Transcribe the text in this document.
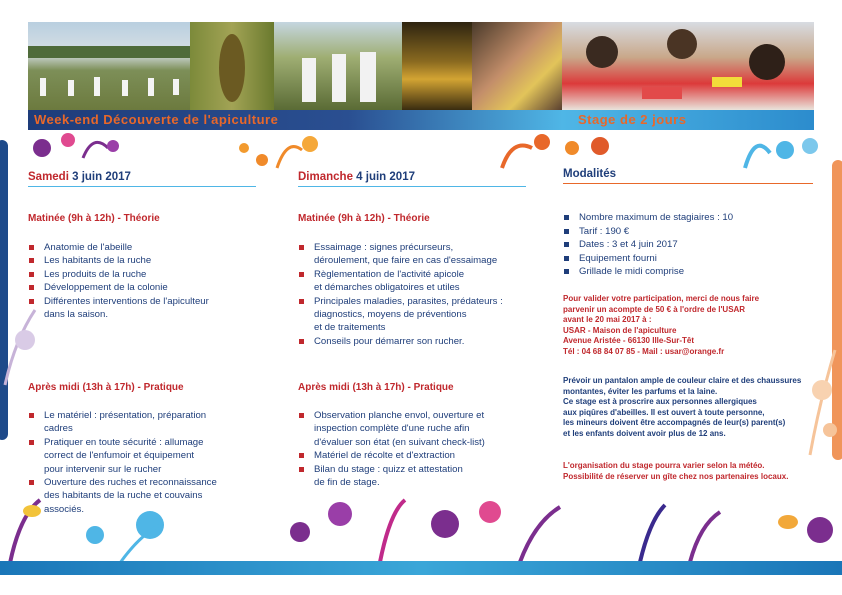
Week-end Découverte de l'apiculture	Stage de 2 jours
Samedi 3 juin 2017
Matinée (9h à 12h) - Théorie
Anatomie de l'abeille
Les habitants de la ruche
Les produits de la ruche
Développement de la colonie
Différentes interventions de l'apiculteur
dans la saison.
Après midi (13h à 17h) - Pratique
Le matériel : présentation, préparation
cadres
Pratiquer en toute sécurité : allumage
correct de l'enfumoir et équipement
pour intervenir sur le rucher
Ouverture des ruches et reconnaissance
des habitants de la ruche et couvains
associés.
Dimanche 4 juin 2017
Matinée (9h à 12h) - Théorie
Essaimage : signes précurseurs,
déroulement, que faire en cas d'essaimage
Règlementation de l'activité apicole
et démarches obligatoires et utiles
Principales maladies, parasites, prédateurs :
diagnostics, moyens de préventions
et de traitements
Conseils pour démarrer son rucher.
Après midi (13h à 17h) - Pratique
Observation planche envol, ouverture et
inspection complète d'une ruche afin
d'évaluer son état (en suivant check-list)
Matériel de récolte et d'extraction
Bilan du stage : quizz et attestation
de fin de stage.
Modalités
Nombre maximum de stagiaires : 10
Tarif : 190 €
Dates : 3 et 4 juin 2017
Equipement fourni
Grillade le midi comprise
Pour valider votre participation, merci de nous faire
parvenir un acompte de 50 € à l'ordre de l'USAR
avant le 20 mai 2017 à :
USAR - Maison de l'apiculture
Avenue Aristée - 66130 Ille-Sur-Têt
Tél : 04 68 84 07 85 - Mail : usar@orange.fr
Prévoir un pantalon ample de couleur claire et des chaussures
montantes, éviter les parfums et la laine.
Ce stage est à proscrire aux personnes allergiques
aux piqûres d'abeilles. Il est ouvert à toute personne,
les mineurs doivent être accompagnés de leur(s) parent(s)
et les enfants doivent avoir plus de 12 ans.
L'organisation du stage pourra varier selon la météo.
Possibilité de réserver un gîte chez nos partenaires locaux.
